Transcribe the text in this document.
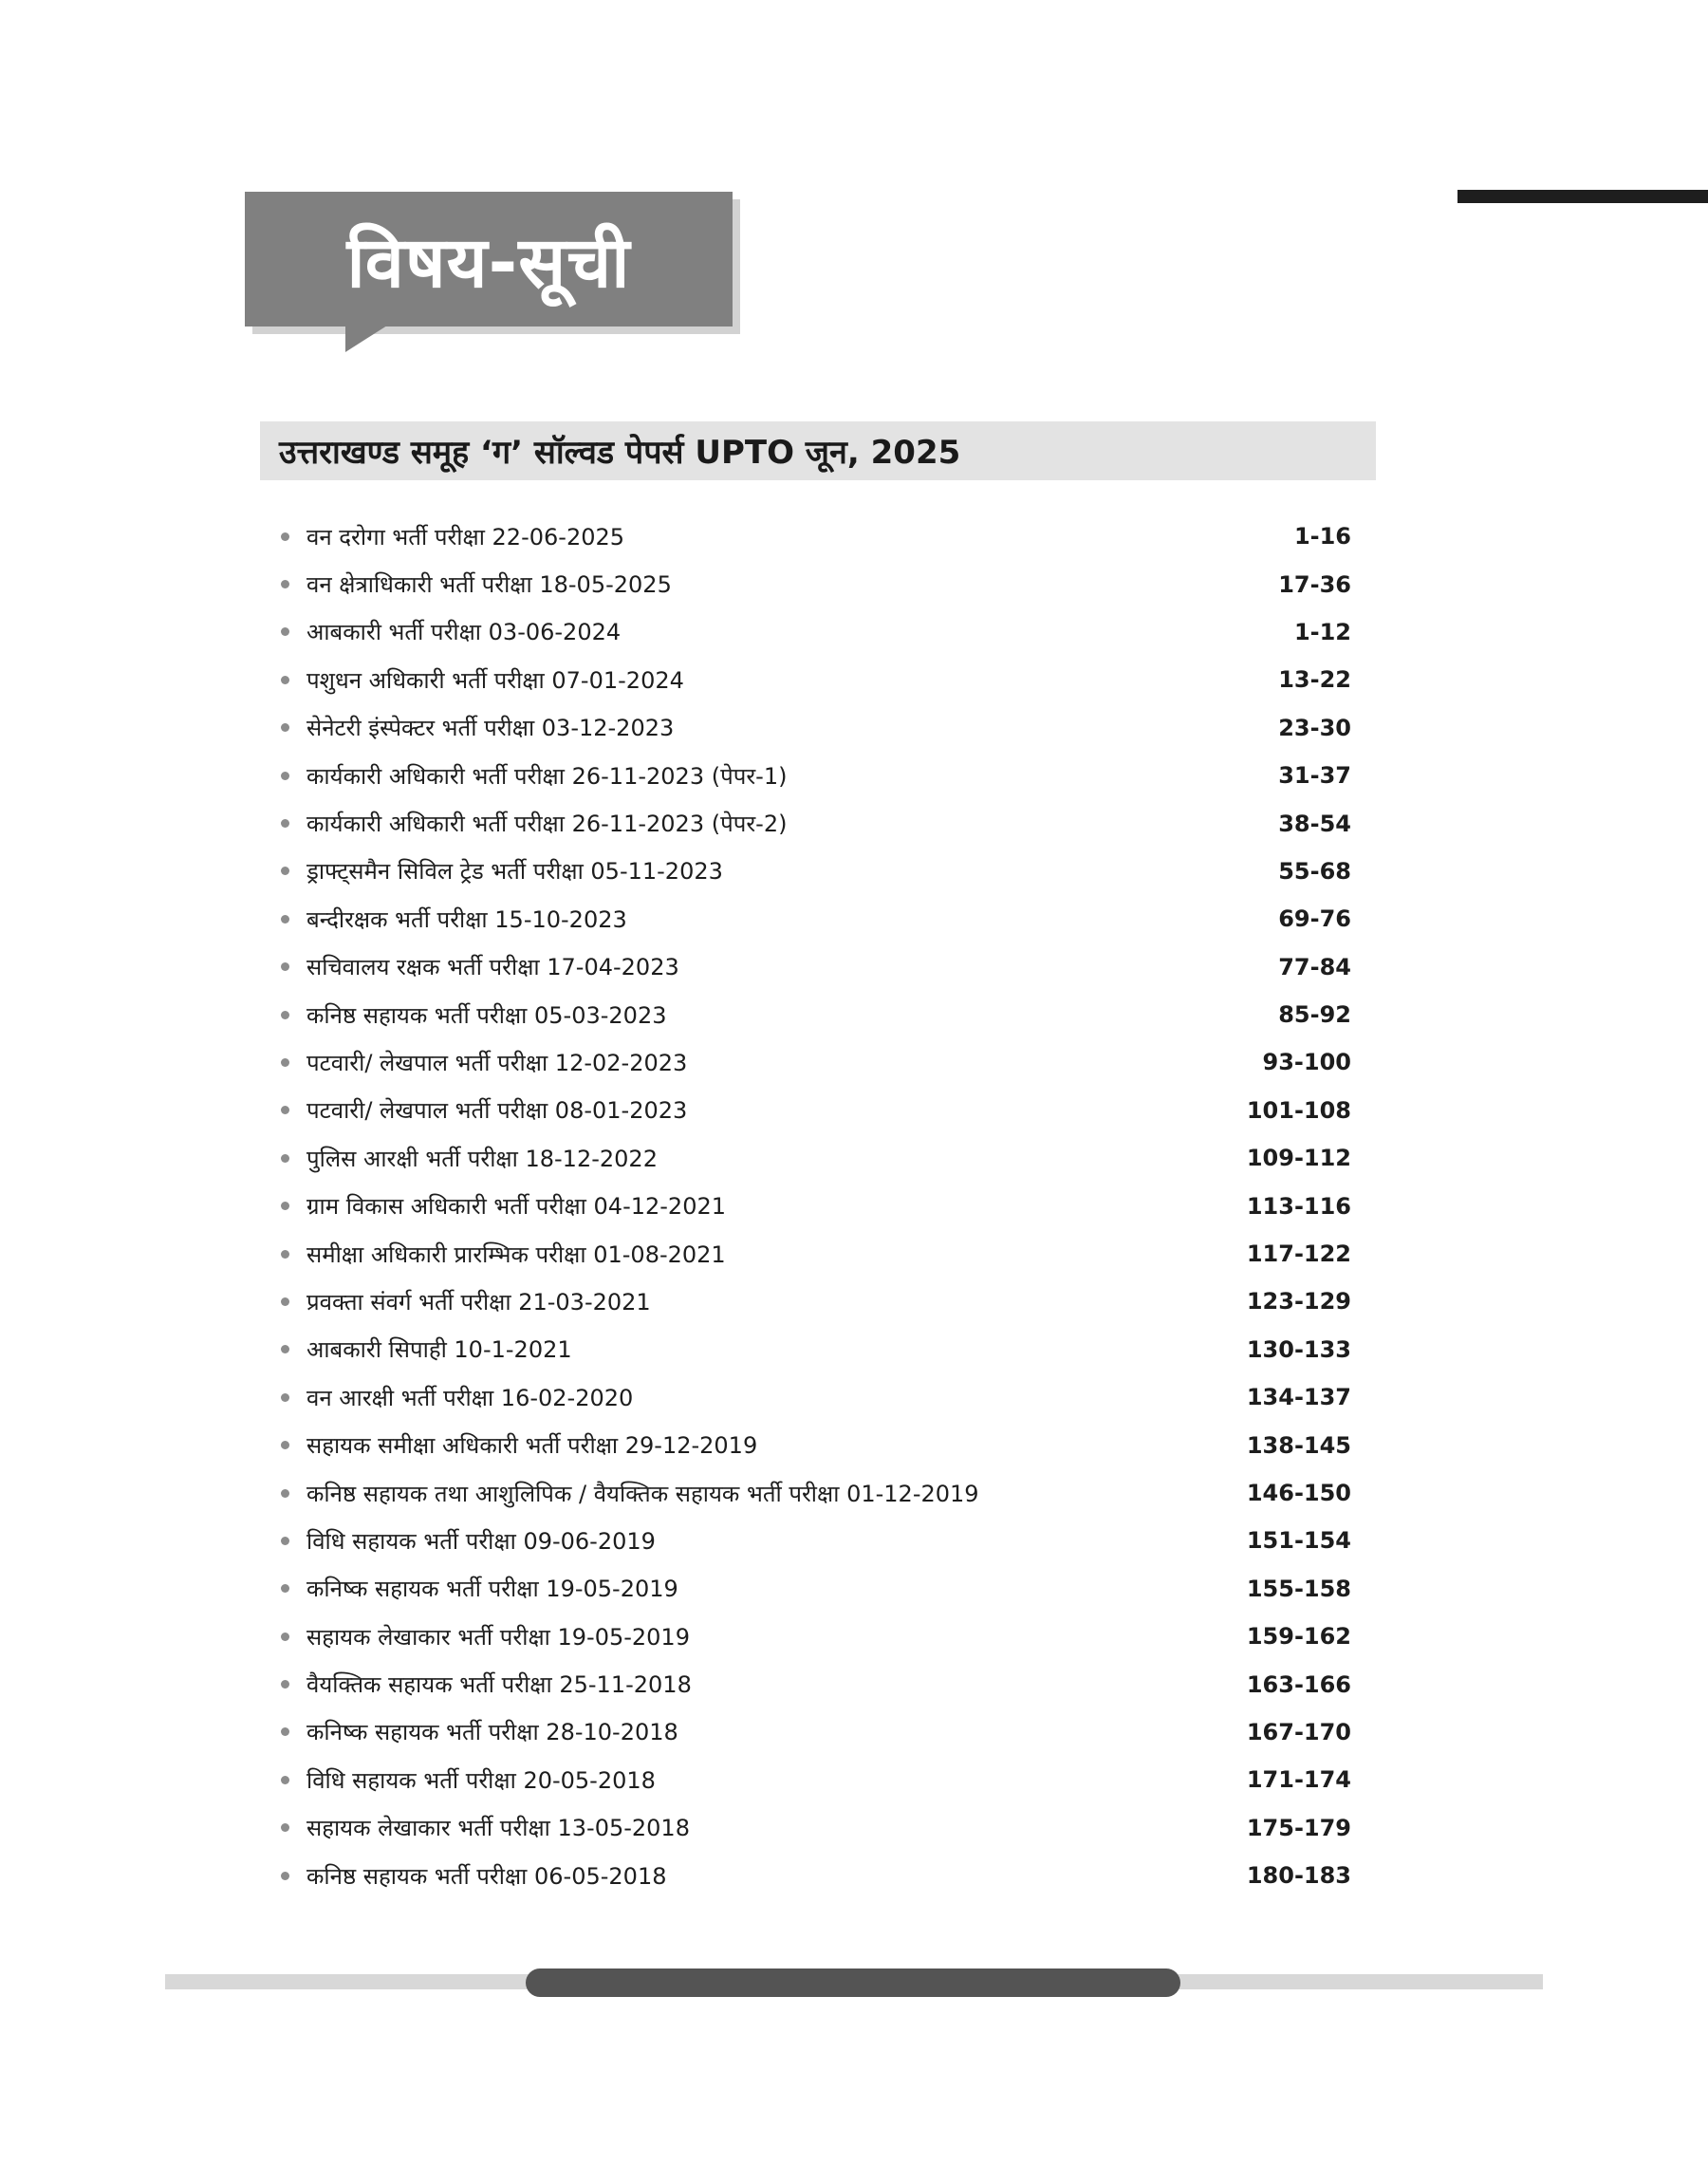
विषय-सूची
उत्तराखण्ड समूह ‘ग’ सॉल्वड पेपर्स UPTO जून, 2025
वन दरोगा भर्ती परीक्षा 22-06-2025	1-16
वन क्षेत्राधिकारी भर्ती परीक्षा 18-05-2025	17-36
आबकारी भर्ती परीक्षा 03-06-2024	1-12
पशुधन अधिकारी भर्ती परीक्षा 07-01-2024	13-22
सेनेटरी इंस्पेक्टर भर्ती परीक्षा 03-12-2023	23-30
कार्यकारी अधिकारी भर्ती परीक्षा 26-11-2023 (पेपर-1)	31-37
कार्यकारी अधिकारी भर्ती परीक्षा 26-11-2023 (पेपर-2)	38-54
ड्राफ्ट्समैन सिविल ट्रेड भर्ती परीक्षा 05-11-2023	55-68
बन्दीरक्षक भर्ती परीक्षा 15-10-2023	69-76
सचिवालय रक्षक भर्ती परीक्षा 17-04-2023	77-84
कनिष्ठ सहायक भर्ती परीक्षा 05-03-2023	85-92
पटवारी/ लेखपाल भर्ती परीक्षा 12-02-2023	93-100
पटवारी/ लेखपाल भर्ती परीक्षा 08-01-2023	101-108
पुलिस आरक्षी भर्ती परीक्षा 18-12-2022	109-112
ग्राम विकास अधिकारी भर्ती परीक्षा 04-12-2021	113-116
समीक्षा अधिकारी प्रारम्भिक परीक्षा 01-08-2021	117-122
प्रवक्ता संवर्ग भर्ती परीक्षा 21-03-2021	123-129
आबकारी सिपाही 10-1-2021	130-133
वन आरक्षी भर्ती परीक्षा 16-02-2020	134-137
सहायक समीक्षा अधिकारी भर्ती परीक्षा 29-12-2019	138-145
कनिष्ठ सहायक तथा आशुलिपिक / वैयक्तिक सहायक भर्ती परीक्षा 01-12-2019	146-150
विधि सहायक भर्ती परीक्षा 09-06-2019	151-154
कनिष्क सहायक भर्ती परीक्षा 19-05-2019	155-158
सहायक लेखाकार भर्ती परीक्षा 19-05-2019	159-162
वैयक्तिक सहायक भर्ती परीक्षा 25-11-2018	163-166
कनिष्क सहायक भर्ती परीक्षा 28-10-2018	167-170
विधि सहायक भर्ती परीक्षा 20-05-2018	171-174
सहायक लेखाकार भर्ती परीक्षा 13-05-2018	175-179
कनिष्ठ सहायक भर्ती परीक्षा 06-05-2018	180-183
